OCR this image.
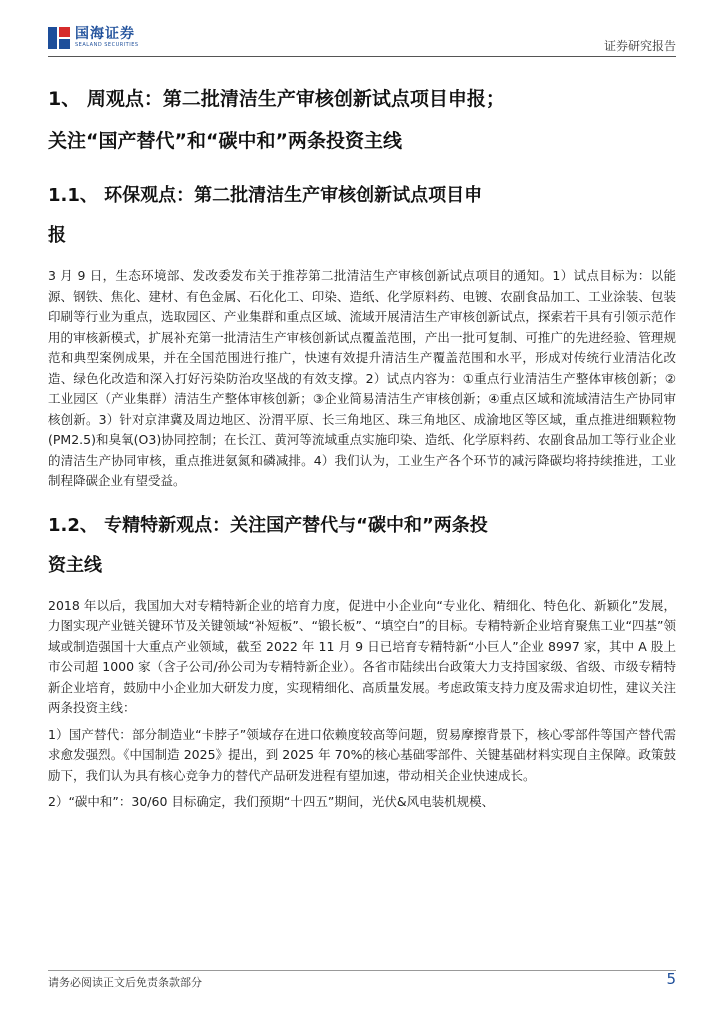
国海证券
SEALAND SECURITIES	证券研究报告

1、 周观点：第二批清洁生产审核创新试点项目申报；

关注“国产替代”和“碳中和”两条投资主线

1.1、 环保观点：第二批清洁生产审核创新试点项目申

报

3 月 9 日，生态环境部、发改委发布关于推荐第二批清洁生产审核创新试点项目的通知。1）试点目标为：以能源、钢铁、焦化、建材、有色金属、石化化工、印染、造纸、化学原料药、电镀、农副食品加工、工业涂装、包装印刷等行业为重点，选取园区、产业集群和重点区域、流域开展清洁生产审核创新试点，探索若干具有引领示范作用的审核新模式，扩展补充第一批清洁生产审核创新试点覆盖范围，产出一批可复制、可推广的先进经验、管理规范和典型案例成果，并在全国范围进行推广，快速有效提升清洁生产覆盖范围和水平，形成对传统行业清洁化改造、绿色化改造和深入打好污染防治攻坚战的有效支撑。2）试点内容为：①重点行业清洁生产整体审核创新；②工业园区（产业集群）清洁生产整体审核创新；③企业简易清洁生产审核创新；④重点区域和流域清洁生产协同审核创新。3）针对京津冀及周边地区、汾渭平原、长三角地区、珠三角地区、成渝地区等区域，重点推进细颗粒物(PM2.5)和臭氧(O3)协同控制；在长江、黄河等流域重点实施印染、造纸、化学原料药、农副食品加工等行业企业的清洁生产协同审核，重点推进氨氮和磷减排。4）我们认为，工业生产各个环节的减污降碳均将持续推进，工业制程降碳企业有望受益。

1.2、 专精特新观点：关注国产替代与“碳中和”两条投

资主线

2018 年以后，我国加大对专精特新企业的培育力度，促进中小企业向“专业化、精细化、特色化、新颖化”发展，力图实现产业链关键环节及关键领域“补短板”、“锻长板”、“填空白”的目标。专精特新企业培育聚焦工业“四基”领域或制造强国十大重点产业领域，截至 2022 年 11 月 9 日已培育专精特新“小巨人”企业 8997 家，其中 A 股上市公司超 1000 家（含子公司/孙公司为专精特新企业）。各省市陆续出台政策大力支持国家级、省级、市级专精特新企业培育，鼓励中小企业加大研发力度，实现精细化、高质量发展。考虑政策支持力度及需求迫切性，建议关注两条投资主线：

1）国产替代：部分制造业“卡脖子”领域存在进口依赖度较高等问题，贸易摩擦背景下，核心零部件等国产替代需求愈发强烈。《中国制造 2025》提出，到 2025 年 70%的核心基础零部件、关键基础材料实现自主保障。政策鼓励下，我们认为具有核心竞争力的替代产品研发进程有望加速，带动相关企业快速成长。

2）“碳中和”：30/60 目标确定，我们预期“十四五”期间，光伏&风电装机规模、

请务必阅读正文后免责条款部分	5
